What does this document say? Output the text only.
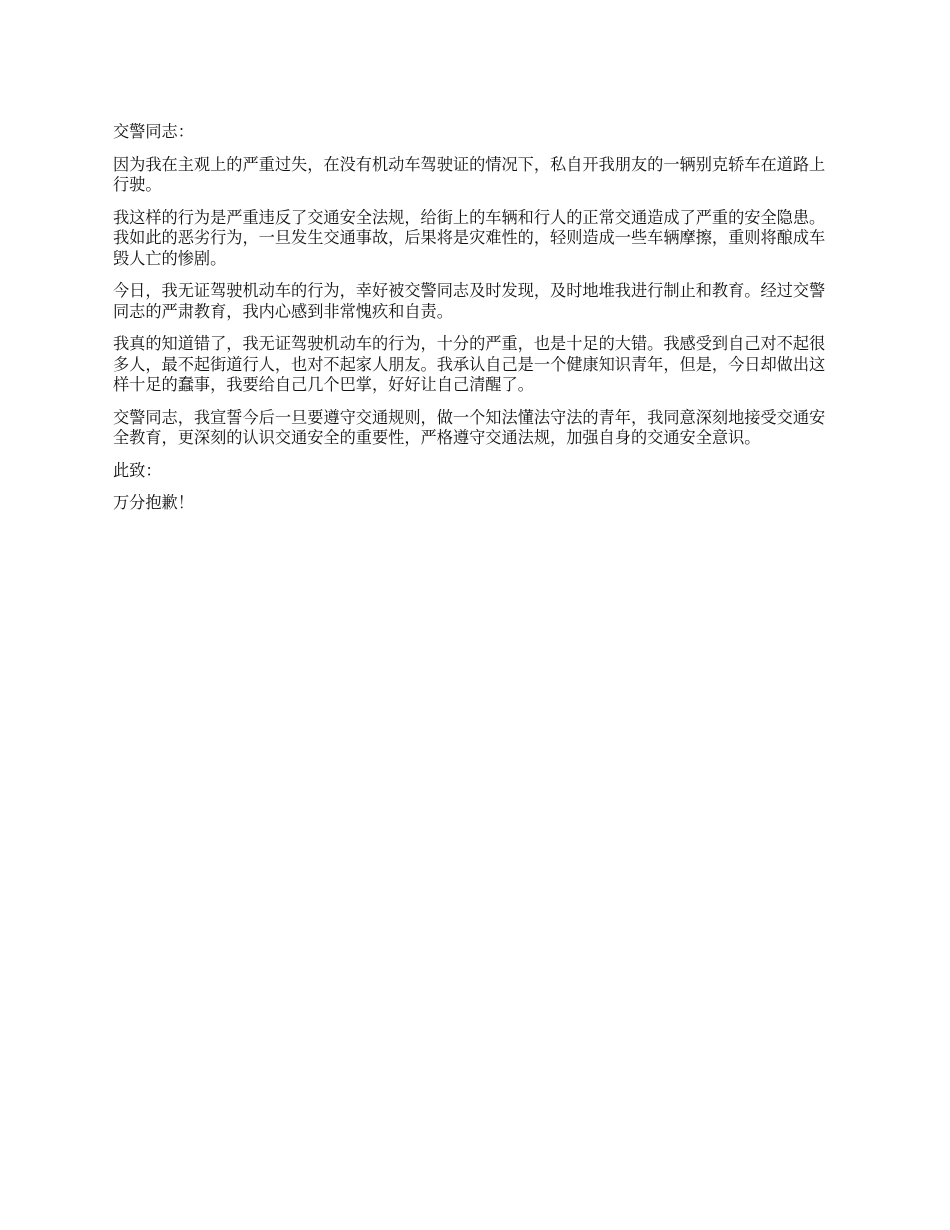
交警同志：

因为我在主观上的严重过失，在没有机动车驾驶证的情况下，私自开我朋友的一辆别克轿车在道路上行驶。

我这样的行为是严重违反了交通安全法规，给街上的车辆和行人的正常交通造成了严重的安全隐患。我如此的恶劣行为，一旦发生交通事故，后果将是灾难性的，轻则造成一些车辆摩擦，重则将酿成车毁人亡的惨剧。

今日，我无证驾驶机动车的行为，幸好被交警同志及时发现，及时地堆我进行制止和教育。经过交警同志的严肃教育，我内心感到非常愧疚和自责。

我真的知道错了，我无证驾驶机动车的行为，十分的严重，也是十足的大错。我感受到自己对不起很多人，最不起街道行人，也对不起家人朋友。我承认自己是一个健康知识青年，但是，今日却做出这样十足的蠢事，我要给自己几个巴掌，好好让自己清醒了。

交警同志，我宣誓今后一旦要遵守交通规则，做一个知法懂法守法的青年，我同意深刻地接受交通安全教育，更深刻的认识交通安全的重要性，严格遵守交通法规，加强自身的交通安全意识。

此致：

万分抱歉！
